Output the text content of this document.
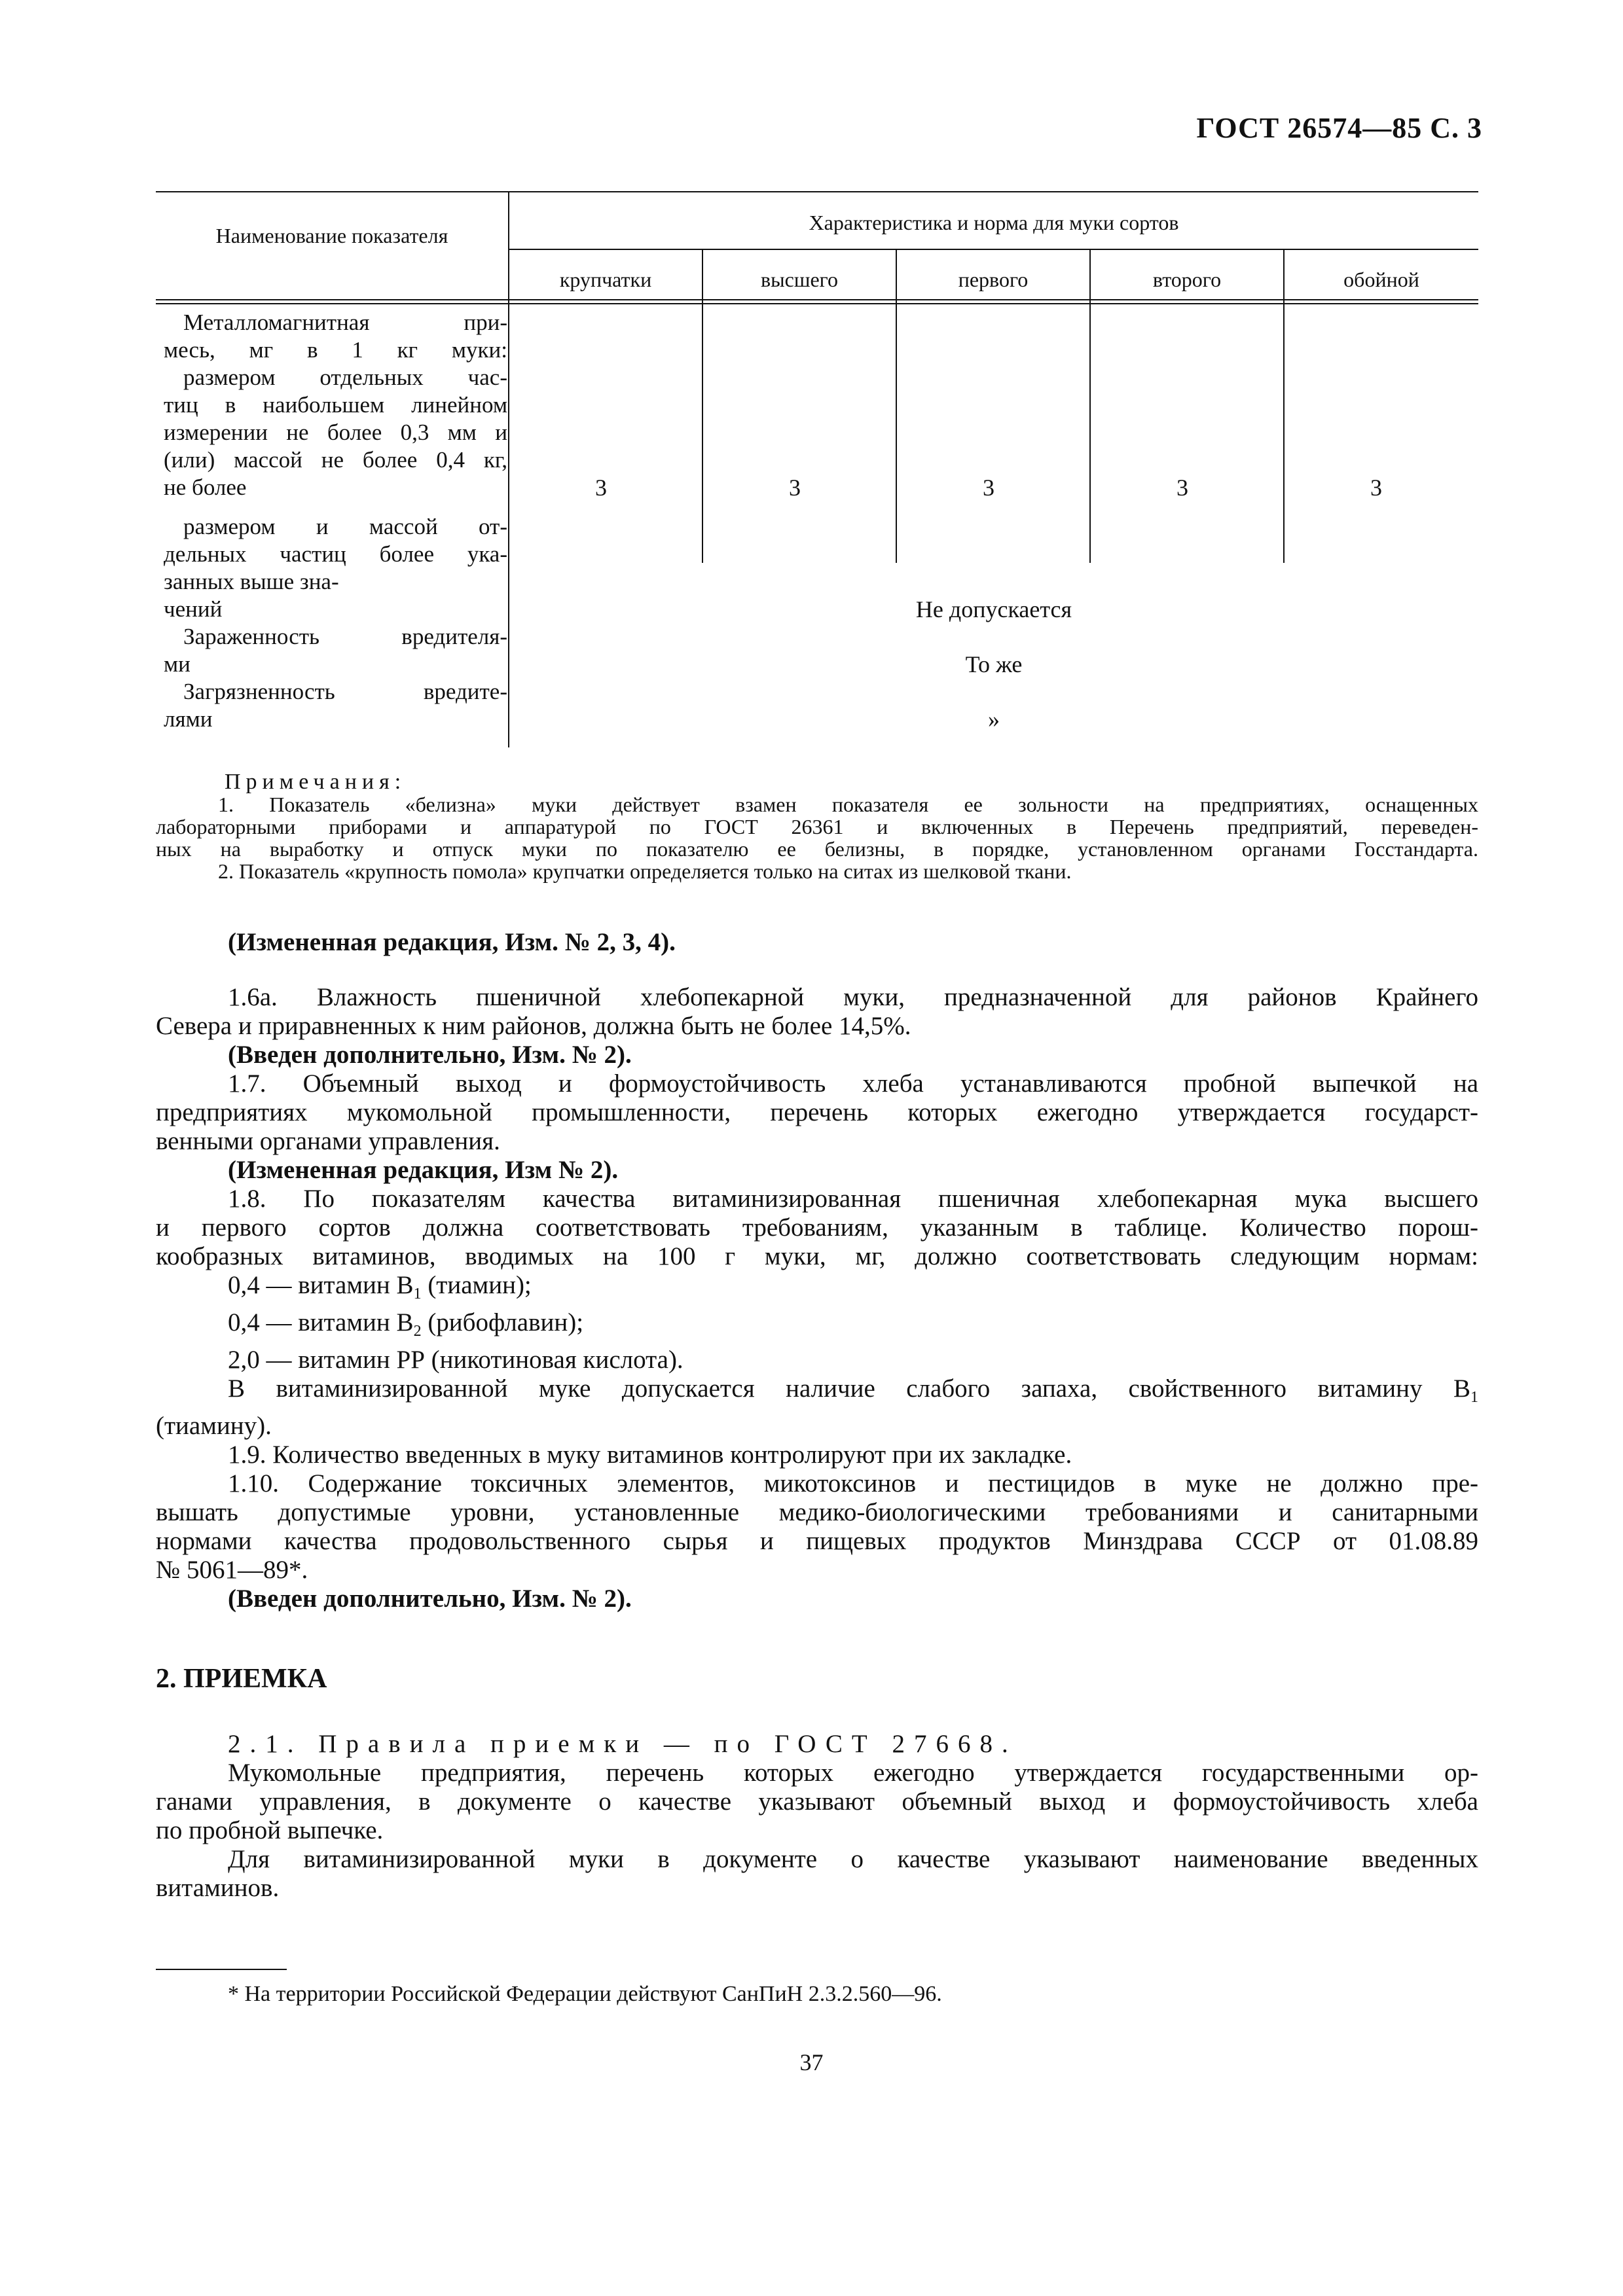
ГОСТ 26574—85 С. 3
Наименование показателя
Характеристика и норма для муки сортов
крупчатки	высшего	первого	второго	обойной
Металломагнитная при-
месь, мг в 1 кг муки:
размером отдельных час-
тиц в наибольшем линейном
измерении не более 0,3 мм и
(или) массой не более 0,4 кг,
не более	3	3	3	3	3
размером и массой от-
дельных частиц более ука-
занных выше зна-
чений	Не допускается
Зараженность вредителя-
ми	То же
Загрязненность вредите-
лями	»
Примечания:

1. Показатель «белизна» муки действует взамен показателя ее зольности на предприятиях, оснащенных

лабораторными приборами и аппаратурой по ГОСТ 26361 и включенных в Перечень предприятий, переведен-

ных на выработку и отпуск муки по показателю ее белизны, в порядке, установленном органами Госстандарта.

2. Показатель «крупность помола» крупчатки определяется только на ситах из шелковой ткани.

(Измененная редакция, Изм. № 2, 3, 4).

1.6а. Влажность пшеничной хлебопекарной муки, предназначенной для районов Крайнего

Севера и приравненных к ним районов, должна быть не более 14,5%.

(Введен дополнительно, Изм. № 2).

1.7. Объемный выход и формоустойчивость хлеба устанавливаются пробной выпечкой на

предприятиях мукомольной промышленности, перечень которых ежегодно утверждается государст-

венными органами управления.

(Измененная редакция, Изм № 2).

1.8. По показателям качества витаминизированная пшеничная хлебопекарная мука высшего

и первого сортов должна соответствовать требованиям, указанным в таблице. Количество порош-

кообразных витаминов, вводимых на 100 г муки, мг, должно соответствовать следующим нормам:

0,4 — витамин $В_1$ (тиамин);

0,4 — витамин $В_2$ (рибофлавин);

2,0 — витамин РР (никотиновая кислота).

В витаминизированной муке допускается наличие слабого запаха, свойственного витамину $В_1$

(тиамину).

1.9. Количество введенных в муку витаминов контролируют при их закладке.

1.10. Содержание токсичных элементов, микотоксинов и пестицидов в муке не должно пре-

вышать допустимые уровни, установленные медико-биологическими требованиями и санитарными

нормами качества продовольственного сырья и пищевых продуктов Минздрава СССР от 01.08.89

№ 5061—89*.

(Введен дополнительно, Изм. № 2).

2. ПРИЕМКА

2.1. Правила приемки — по ГОСТ 27668.

Мукомольные предприятия, перечень которых ежегодно утверждается государственными ор-

ганами управления, в документе о качестве указывают объемный выход и формоустойчивость хлеба

по пробной выпечке.

Для витаминизированной муки в документе о качестве указывают наименование введенных

витаминов.

* На территории Российской Федерации действуют СанПиН 2.3.2.560—96.
37
